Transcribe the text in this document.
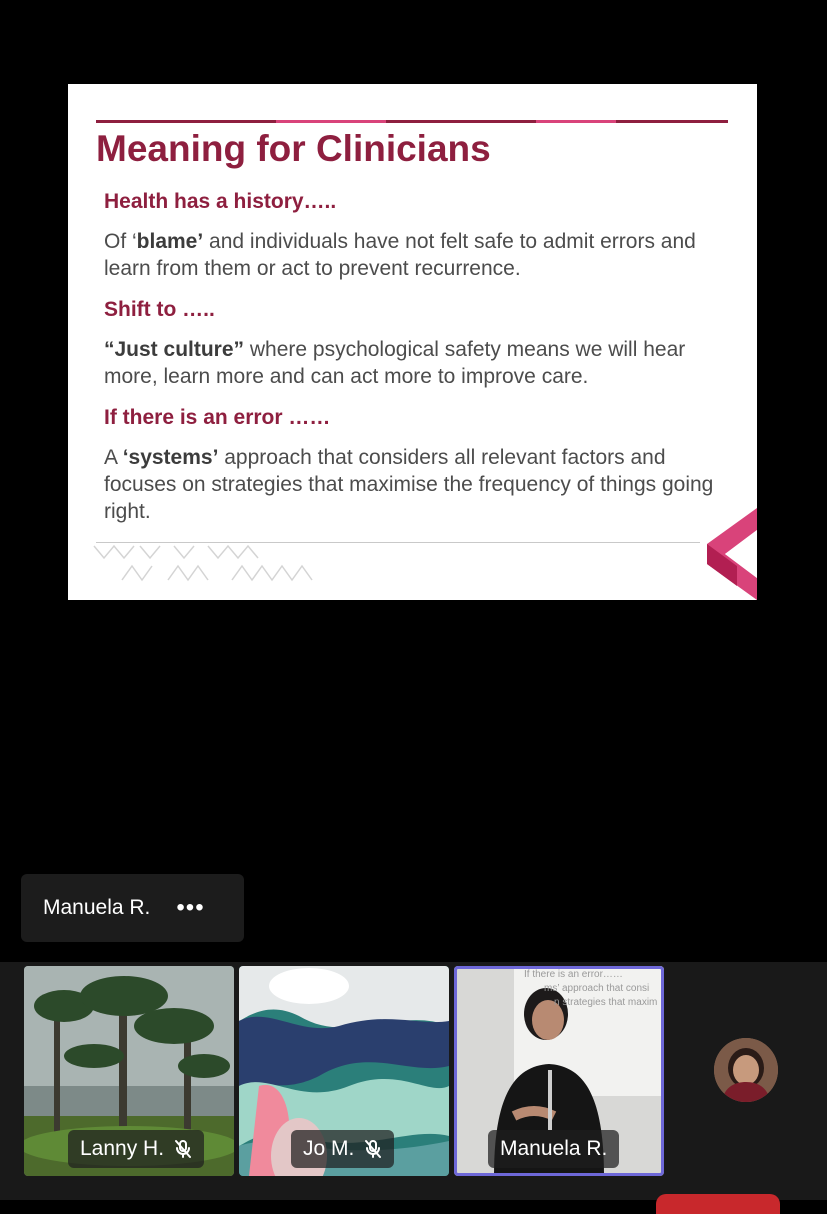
Meaning for Clinicians
Health has a history…..

Of ‘blame’ and individuals have not felt safe to admit errors and learn from them or act to prevent recurrence.

Shift to …..

“Just culture” where psychological safety means we will hear more, learn more and can act more to improve care.

If there is an error ……

A ‘systems’ approach that considers all relevant factors and focuses on strategies that maximise the frequency of things going right.

Manuela R. •••
Lanny H.	Jo M.
If there is an error……
ms’ approach that consi
n strategies that maxim
Manuela R.
